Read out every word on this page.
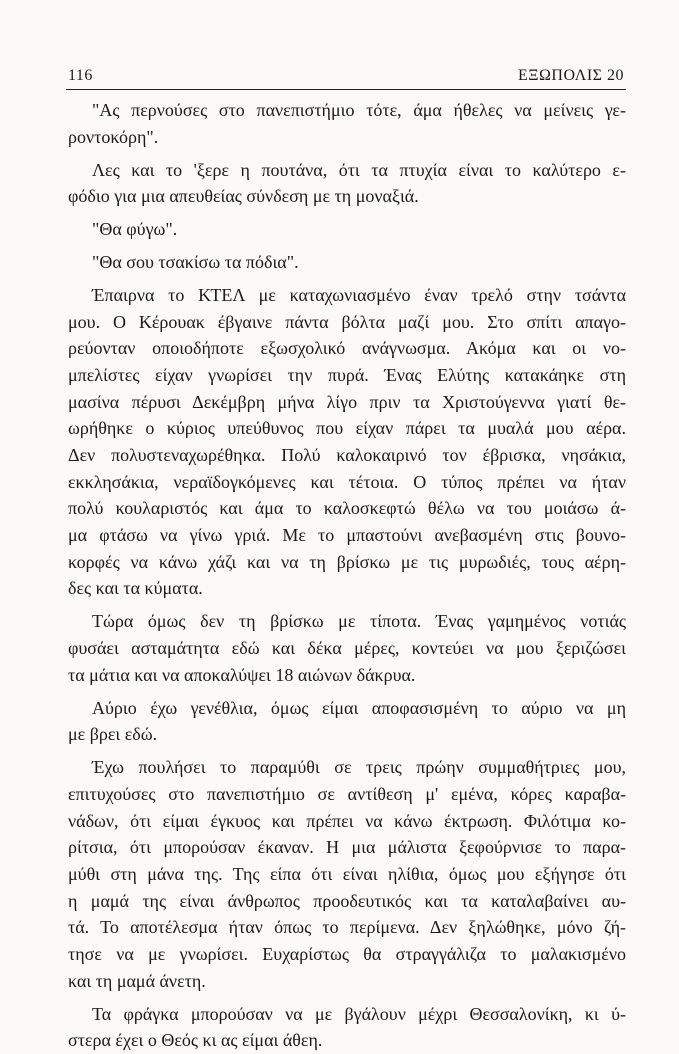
116	ΕΞΩΠΟΛΙΣ 20
"Ας περνούσες στο πανεπιστήμιο τότε, άμα ήθελες να μείνεις γε-
ροντοκόρη".
Λες και το 'ξερε η πουτάνα, ότι τα πτυχία είναι το καλύτερο ε-
φόδιο για μια απευθείας σύνδεση με τη μοναξιά.
"Θα φύγω".
"Θα σου τσακίσω τα πόδια".
Έπαιρνα το ΚΤΕΛ με καταχωνιασμένο έναν τρελό στην τσάντα
μου. Ο Κέρουακ έβγαινε πάντα βόλτα μαζί μου. Στο σπίτι απαγο-
ρεύονταν οποιοδήποτε εξωσχολικό ανάγνωσμα. Ακόμα και οι νο-
μπελίστες είχαν γνωρίσει την πυρά. Ένας Ελύτης κατακάηκε στη
μασίνα πέρυσι Δεκέμβρη μήνα λίγο πριν τα Χριστούγεννα γιατί θε-
ωρήθηκε ο κύριος υπεύθυνος που είχαν πάρει τα μυαλά μου αέρα.
Δεν πολυστεναχωρέθηκα. Πολύ καλοκαιρινό τον έβρισκα, νησάκια,
εκκλησάκια, νεραϊδογκόμενες και τέτοια. Ο τύπος πρέπει να ήταν
πολύ κουλαριστός και άμα το καλοσκεφτώ θέλω να του μοιάσω ά-
μα φτάσω να γίνω γριά. Με το μπαστούνι ανεβασμένη στις βουνο-
κορφές να κάνω χάζι και να τη βρίσκω με τις μυρωδιές, τους αέρη-
δες και τα κύματα.
Τώρα όμως δεν τη βρίσκω με τίποτα. Ένας γαμημένος νοτιάς
φυσάει ασταμάτητα εδώ και δέκα μέρες, κοντεύει να μου ξεριζώσει
τα μάτια και να αποκαλύψει 18 αιώνων δάκρυα.
Αύριο έχω γενέθλια, όμως είμαι αποφασισμένη το αύριο να μη
με βρει εδώ.
Έχω πουλήσει το παραμύθι σε τρεις πρώην συμμαθήτριες μου,
επιτυχούσες στο πανεπιστήμιο σε αντίθεση μ' εμένα, κόρες καραβα-
νάδων, ότι είμαι έγκυος και πρέπει να κάνω έκτρωση. Φιλότιμα κο-
ρίτσια, ότι μπορούσαν έκαναν. Η μια μάλιστα ξεφούρνισε το παρα-
μύθι στη μάνα της. Της είπα ότι είναι ηλίθια, όμως μου εξήγησε ότι
η μαμά της είναι άνθρωπος προοδευτικός και τα καταλαβαίνει αυ-
τά. Το αποτέλεσμα ήταν όπως το περίμενα. Δεν ξηλώθηκε, μόνο ζή-
τησε να με γνωρίσει. Ευχαρίστως θα στραγγάλιζα το μαλακισμένο
και τη μαμά άνετη.
Τα φράγκα μπορούσαν να με βγάλουν μέχρι Θεσσαλονίκη, κι ύ-
στερα έχει ο Θεός κι ας είμαι άθεη.
